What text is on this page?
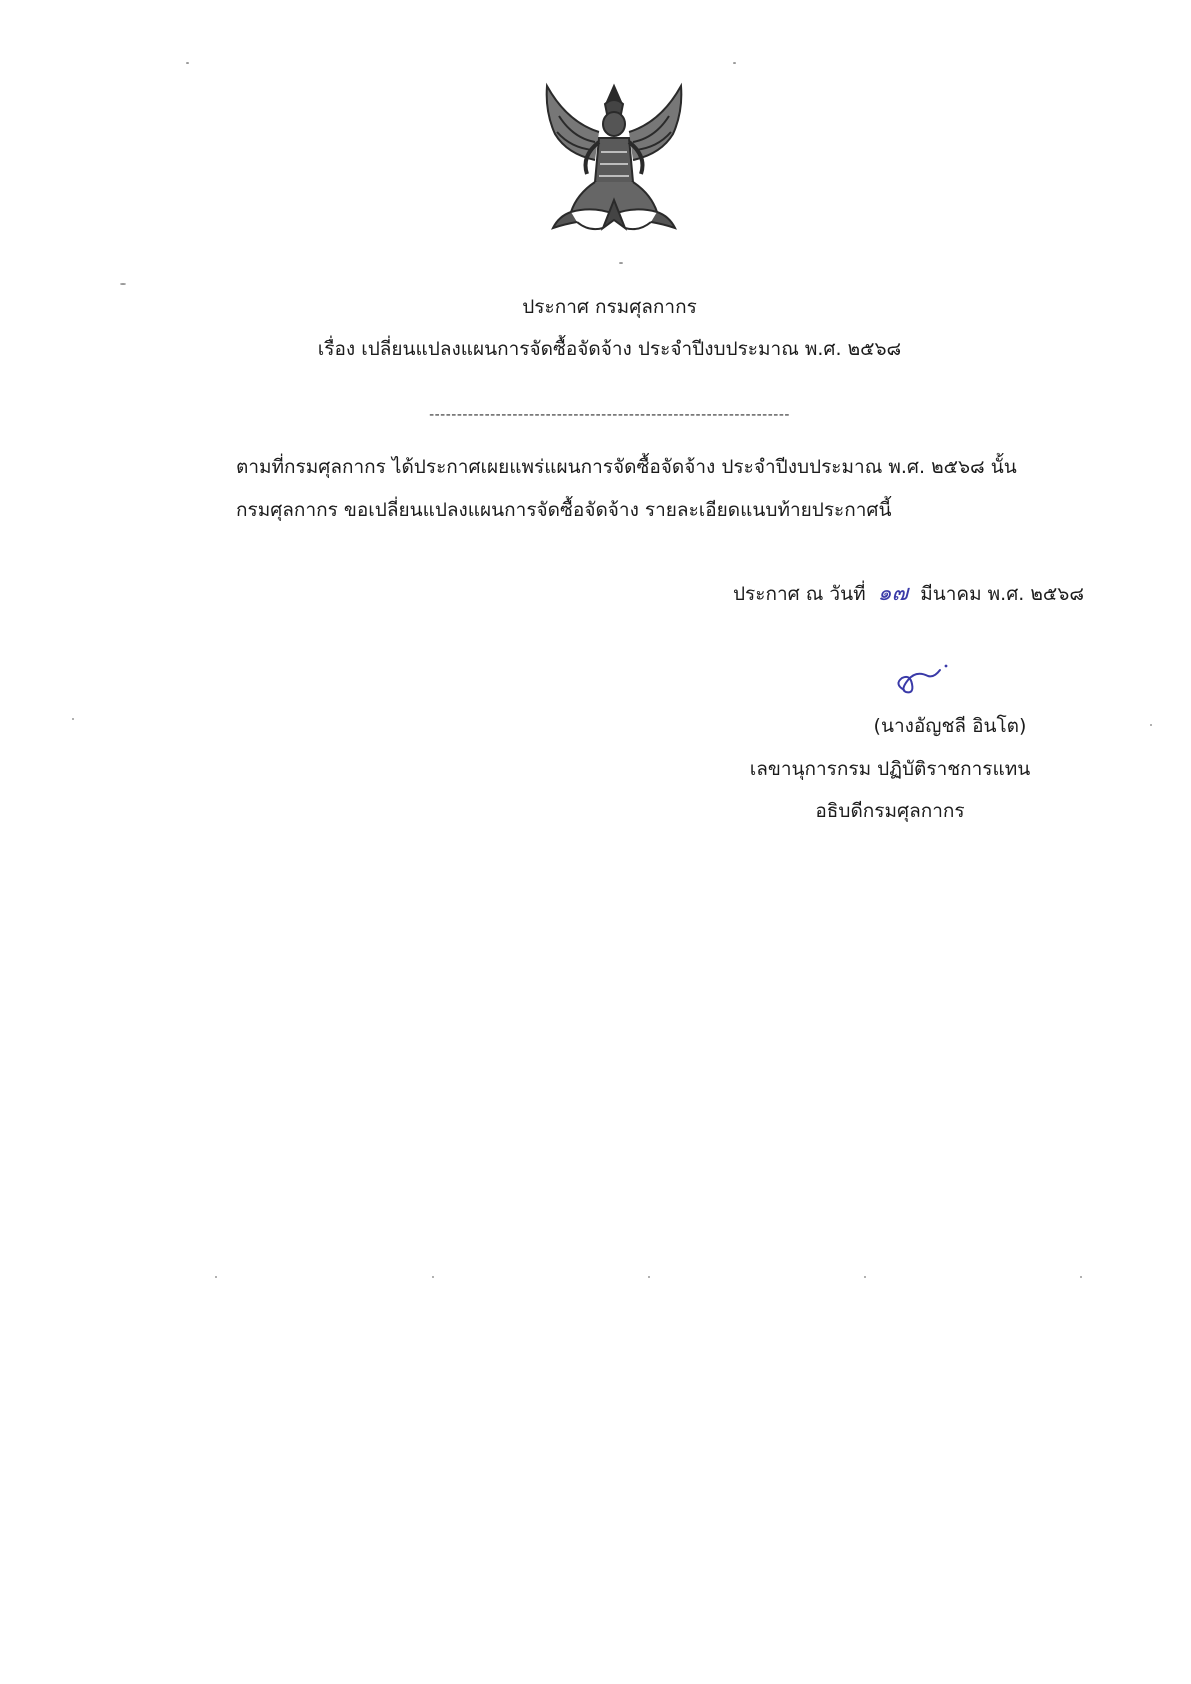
ประกาศ กรมศุลกากร
เรื่อง เปลี่ยนแปลงแผนการจัดซื้อจัดจ้าง ประจำปีงบประมาณ พ.ศ. ๒๕๖๘
-----------------------------------------------------------------
ตามที่กรมศุลกากร ได้ประกาศเผยแพร่แผนการจัดซื้อจัดจ้าง ประจำปีงบประมาณ พ.ศ. ๒๕๖๘ นั้น
กรมศุลกากร ขอเปลี่ยนแปลงแผนการจัดซื้อจัดจ้าง รายละเอียดแนบท้ายประกาศนี้
ประกาศ ณ วันที่ ๑๗ มีนาคม พ.ศ. ๒๕๖๘
(นางอัญชลี อินโต)
เลขานุการกรม ปฏิบัติราชการแทน
อธิบดีกรมศุลกากร
